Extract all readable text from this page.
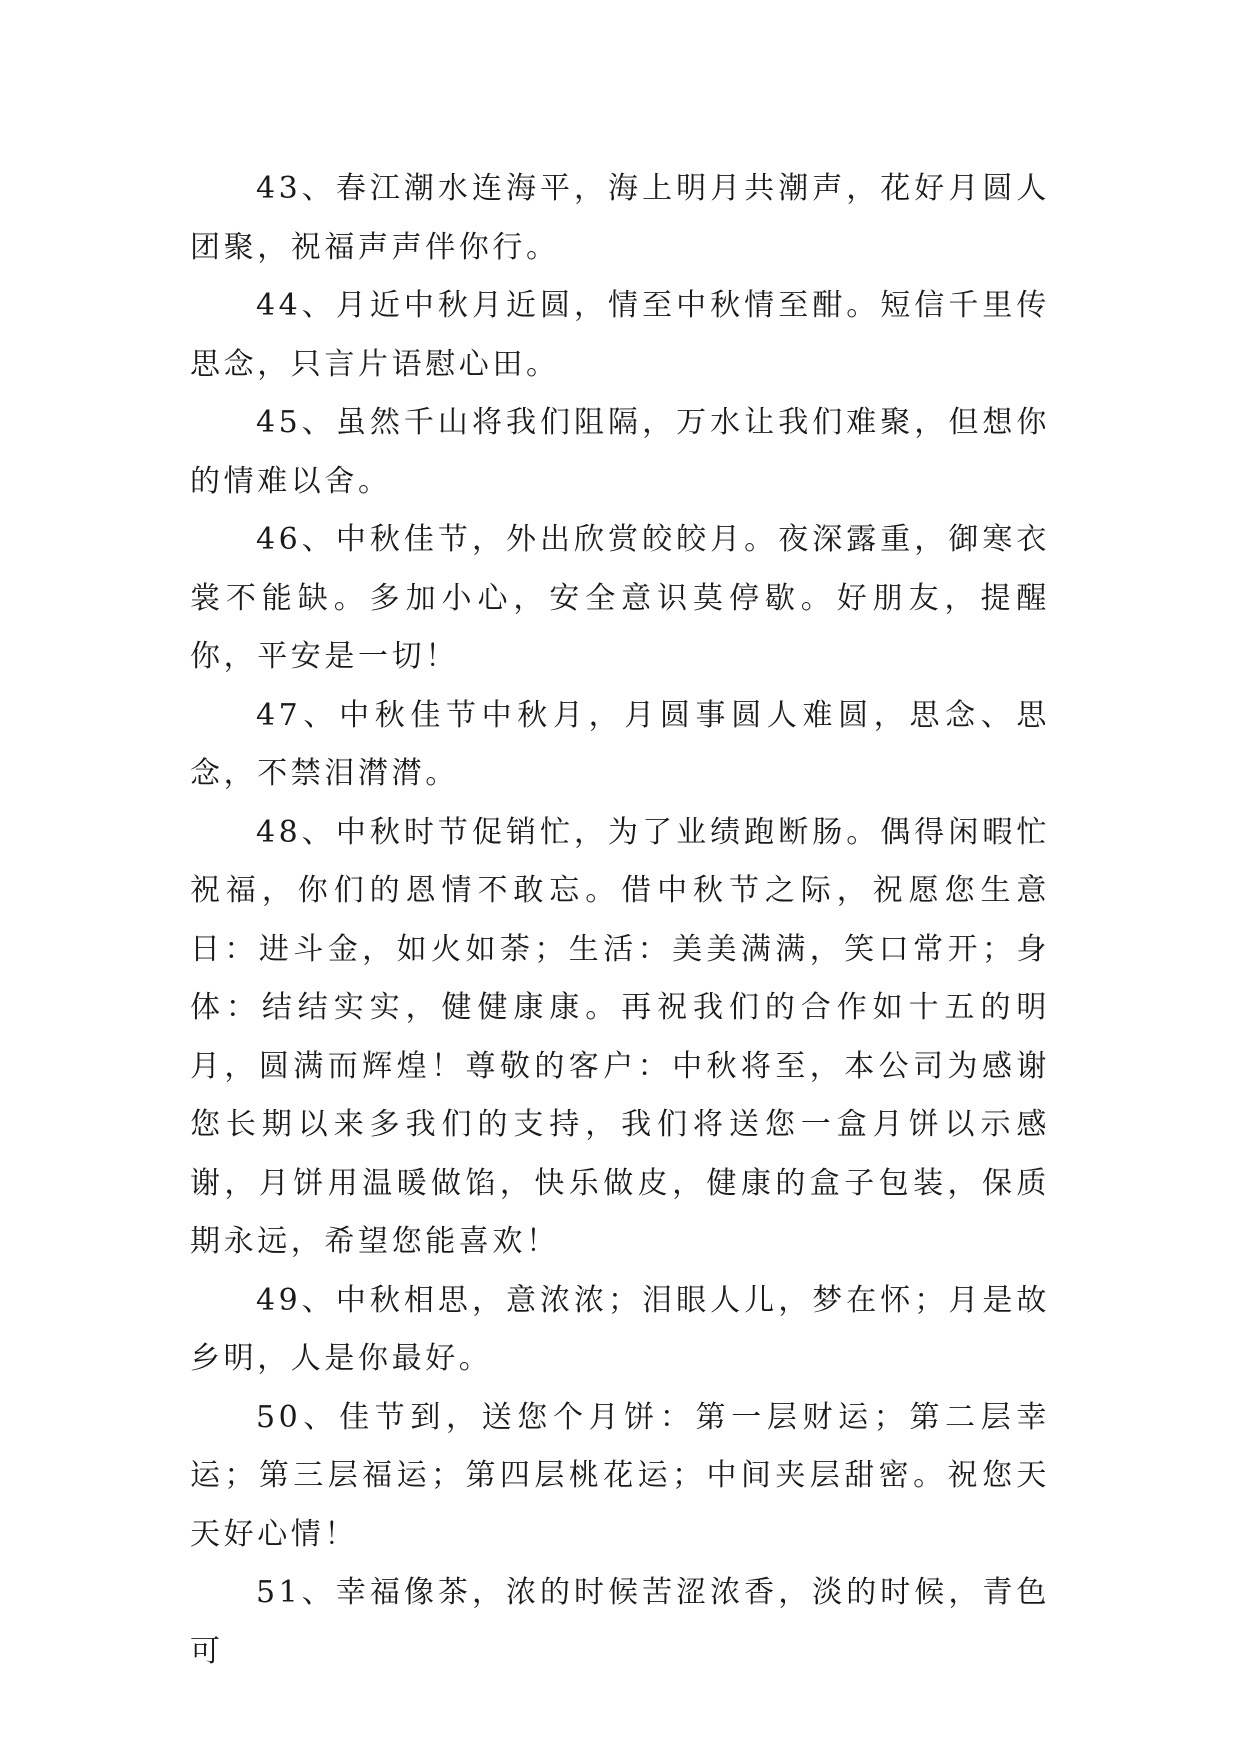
43、春江潮水连海平，海上明月共潮声，花好月圆人团聚，祝福声声伴你行。

44、月近中秋月近圆，情至中秋情至酣。短信千里传思念，只言片语慰心田。

45、虽然千山将我们阻隔，万水让我们难聚，但想你的情难以舍。

46、中秋佳节，外出欣赏皎皎月。夜深露重，御寒衣裳不能缺。多加小心，安全意识莫停歇。好朋友，提醒你，平安是一切！

47、中秋佳节中秋月，月圆事圆人难圆，思念、思念，不禁泪潸潸。

48、中秋时节促销忙，为了业绩跑断肠。偶得闲暇忙祝福，你们的恩情不敢忘。借中秋节之际，祝愿您生意日：进斗金，如火如荼；生活：美美满满，笑口常开；身体：结结实实，健健康康。再祝我们的合作如十五的明月，圆满而辉煌！尊敬的客户：中秋将至，本公司为感谢您长期以来多我们的支持，我们将送您一盒月饼以示感谢，月饼用温暖做馅，快乐做皮，健康的盒子包装，保质期永远，希望您能喜欢！

49、中秋相思，意浓浓；泪眼人儿，梦在怀；月是故乡明，人是你最好。

50、佳节到，送您个月饼：第一层财运；第二层幸运；第三层福运；第四层桃花运；中间夹层甜密。祝您天天好心情！

51、幸福像茶，浓的时候苦涩浓香，淡的时候，青色可
